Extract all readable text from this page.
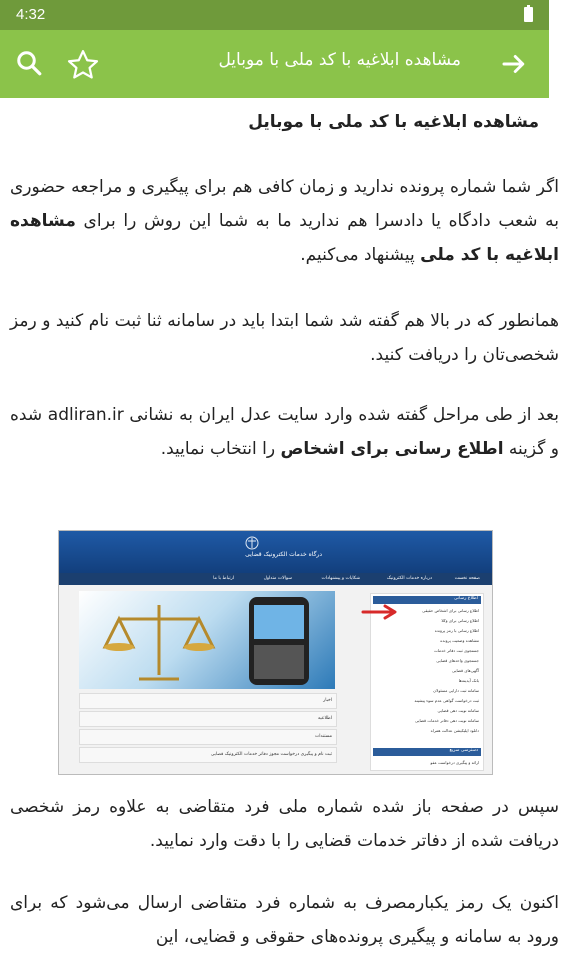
4:32
مشاهده ابلاغیه با کد ملی با موبایل
مشاهده ابلاغیه با کد ملی با موبایل

اگر شما شماره پرونده ندارید و زمان کافی هم برای پیگیری و مراجعه حضوری به شعب دادگاه یا دادسرا هم ندارید ما به شما این روش را برای مشاهده ابلاغیه با کد ملی پیشنهاد می‌کنیم.

همانطور که در بالا هم گفته شد شما ابتدا باید در سامانه ثنا ثبت نام کنید و رمز شخصی‌تان را دریافت کنید.

بعد از طی مراحل گفته شده وارد سایت عدل ایران به نشانی adliran.ir شده و گزینه اطلاع رسانی برای اشخاص را انتخاب نمایید.

درگاه خدمات الکترونیک قضایی
صفحه نخست
درباره خدمات الکترونیک
شکایات و پیشنهادات
سوالات متداول
ارتباط با ما
اطلاع رسانی
اطلاع رسانی برای اشخاص حقیقی
اطلاع رسانی برای وکلا
اطلاع رسانی با رمز پرونده
مشاهده وضعیت پرونده
جستجوی ثبت دفاتر خدمات
جستجوی واحدهای قضایی
آگهی‌های قضایی
بانک آیدینه‌ها
سامانه ثبت دارایی مسئولان
ثبت درخواست گواهی عدم سوء پیشینه
سامانه نوبت دهی قضایی
سامانه نوبت دهی دفاتر خدمات قضایی
دانلود اپلیکیشن عدالت همراه
دسترسی سریع
ارائه و پیگیری درخواست عفو
اخبار
اطلاعیه
مستندات
ثبت نام و پیگیری درخواست مجوز دفاتر خدمات الکترونیک قضایی

سپس در صفحه باز شده شماره ملی فرد متقاضی به علاوه رمز شخصی دریافت شده از دفاتر خدمات قضایی را با دقت وارد نمایید.

اکنون یک رمز یکبارمصرف به شماره فرد متقاضی ارسال می‌شود که برای ورود به سامانه و پیگیری پرونده‌های حقوقی و قضایی، این
